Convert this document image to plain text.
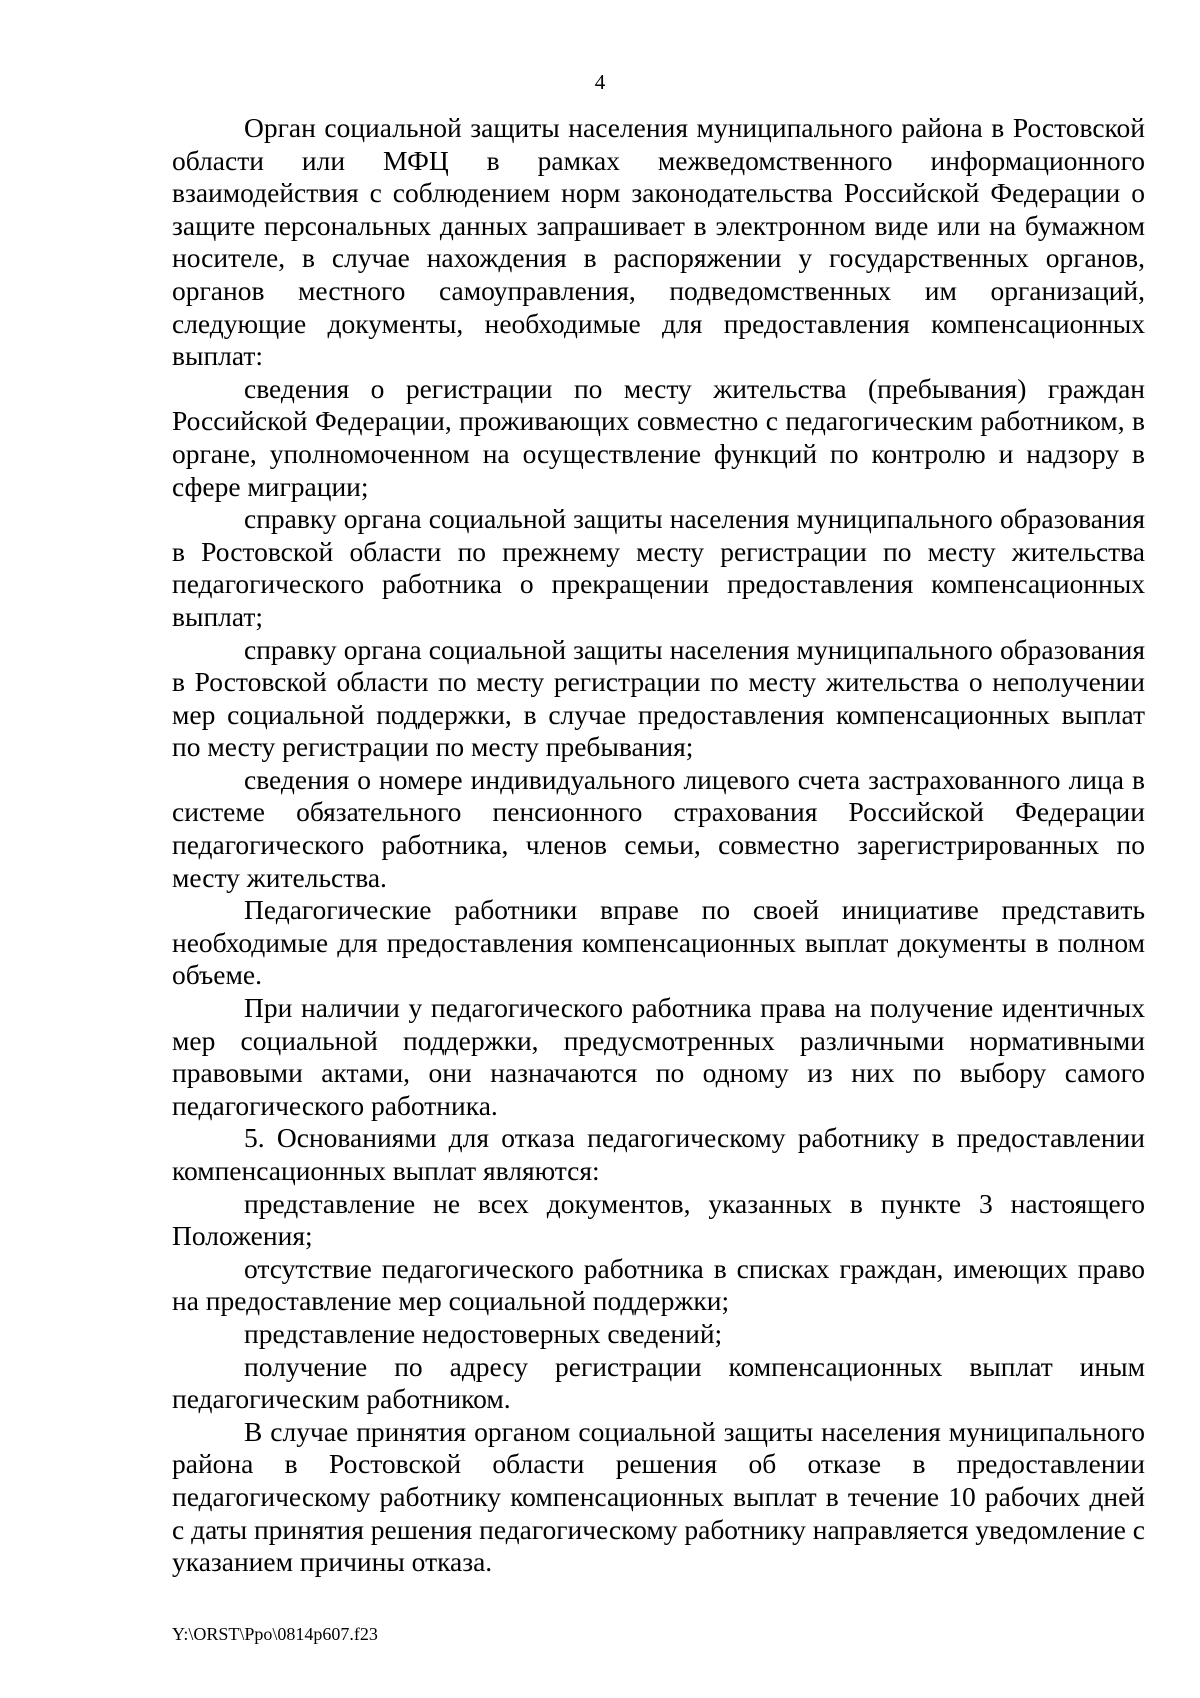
4

Орган социальной защиты населения муниципального района в Ростовской области или МФЦ в рамках межведомственного информационного взаимодействия с соблюдением норм законодательства Российской Федерации о защите персональных данных запрашивает в электронном виде или на бумажном носителе, в случае нахождения в распоряжении у государственных органов, органов местного самоуправления, подведомственных им организаций, следующие документы, необходимые для предоставления компенсационных выплат:

сведения о регистрации по месту жительства (пребывания) граждан Российской Федерации, проживающих совместно с педагогическим работником, в органе, уполномоченном на осуществление функций по контролю и надзору в сфере миграции;

справку органа социальной защиты населения муниципального образования в Ростовской области по прежнему месту регистрации по месту жительства педагогического работника о прекращении предоставления компенсационных выплат;

справку органа социальной защиты населения муниципального образования в Ростовской области по месту регистрации по месту жительства о неполучении мер социальной поддержки, в случае предоставления компенсационных выплат по месту регистрации по месту пребывания;

сведения о номере индивидуального лицевого счета застрахованного лица в системе обязательного пенсионного страхования Российской Федерации педагогического работника, членов семьи, совместно зарегистрированных по месту жительства.

Педагогические работники вправе по своей инициативе представить необходимые для предоставления компенсационных выплат документы в полном объеме.

При наличии у педагогического работника права на получение идентичных мер социальной поддержки, предусмотренных различными нормативными правовыми актами, они назначаются по одному из них по выбору самого педагогического работника.

5. Основаниями для отказа педагогическому работнику в предоставлении компенсационных выплат являются:

представление не всех документов, указанных в пункте 3 настоящего Положения;

отсутствие педагогического работника в списках граждан, имеющих право на предоставление мер социальной поддержки;

представление недостоверных сведений;

получение по адресу регистрации компенсационных выплат иным педагогическим работником.

В случае принятия органом социальной защиты населения муниципального района в Ростовской области решения об отказе в предоставлении педагогическому работнику компенсационных выплат в течение 10 рабочих дней с даты принятия решения педагогическому работнику направляется уведомление с указанием причины отказа.

Y:\ORST\Ppo\0814p607.f23
